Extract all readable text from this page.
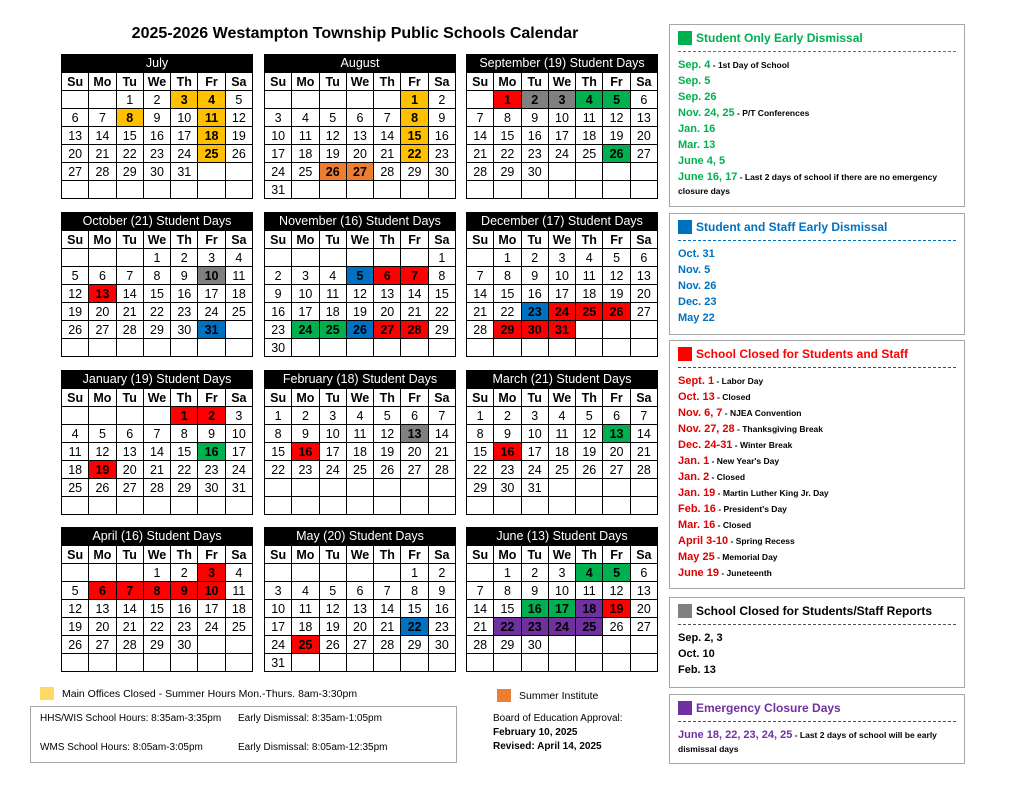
2025-2026 Westampton Township Public Schools Calendar
July
Su	Mo	Tu	We	Th	Fr	Sa
		1	2	3	4	5
6	7	8	9	10	11	12
13	14	15	16	17	18	19
20	21	22	23	24	25	26
27	28	29	30	31		

August
Su	Mo	Tu	We	Th	Fr	Sa
					1	2
3	4	5	6	7	8	9
10	11	12	13	14	15	16
17	18	19	20	21	22	23
24	25	26	27	28	29	30
31						
September (19) Student Days
Su	Mo	Tu	We	Th	Fr	Sa
	1	2	3	4	5	6
7	8	9	10	11	12	13
14	15	16	17	18	19	20
21	22	23	24	25	26	27
28	29	30				

October (21) Student Days
Su	Mo	Tu	We	Th	Fr	Sa
			1	2	3	4
5	6	7	8	9	10	11
12	13	14	15	16	17	18
19	20	21	22	23	24	25
26	27	28	29	30	31	

November (16) Student Days
Su	Mo	Tu	We	Th	Fr	Sa
						1
2	3	4	5	6	7	8
9	10	11	12	13	14	15
16	17	18	19	20	21	22
23	24	25	26	27	28	29
30						
December (17) Student Days
Su	Mo	Tu	We	Th	Fr	Sa
	1	2	3	4	5	6
7	8	9	10	11	12	13
14	15	16	17	18	19	20
21	22	23	24	25	26	27
28	29	30	31			

January (19) Student Days
Su	Mo	Tu	We	Th	Fr	Sa
				1	2	3
4	5	6	7	8	9	10
11	12	13	14	15	16	17
18	19	20	21	22	23	24
25	26	27	28	29	30	31

February (18) Student Days
Su	Mo	Tu	We	Th	Fr	Sa
1	2	3	4	5	6	7
8	9	10	11	12	13	14
15	16	17	18	19	20	21
22	23	24	25	26	27	28

March (21) Student Days
Su	Mo	Tu	We	Th	Fr	Sa
1	2	3	4	5	6	7
8	9	10	11	12	13	14
15	16	17	18	19	20	21
22	23	24	25	26	27	28
29	30	31				

April (16) Student Days
Su	Mo	Tu	We	Th	Fr	Sa
			1	2	3	4
5	6	7	8	9	10	11
12	13	14	15	16	17	18
19	20	21	22	23	24	25
26	27	28	29	30		

May (20) Student Days
Su	Mo	Tu	We	Th	Fr	Sa
					1	2
3	4	5	6	7	8	9
10	11	12	13	14	15	16
17	18	19	20	21	22	23
24	25	26	27	28	29	30
31						
June (13) Student Days
Su	Mo	Tu	We	Th	Fr	Sa
	1	2	3	4	5	6
7	8	9	10	11	12	13
14	15	16	17	18	19	20
21	22	23	24	25	26	27
28	29	30				

Student Only Early Dismissal
Sep. 4 - 1st Day of School
Sep. 5
Sep. 26
Nov. 24, 25 - P/T Conferences
Jan. 16
Mar. 13
June 4, 5
June 16, 17 - Last 2 days of school if there are no emergency closure days
Student and Staff Early Dismissal
Oct. 31
Nov. 5
Nov. 26
Dec. 23
May 22
School Closed for Students and Staff
Sept. 1 - Labor Day
Oct. 13 - Closed
Nov. 6, 7 - NJEA Convention
Nov. 27, 28 - Thanksgiving Break
Dec. 24-31 - Winter Break
Jan. 1 - New Year's Day
Jan. 2 - Closed
Jan. 19 - Martin Luther King Jr. Day
Feb. 16 - President's Day
Mar. 16 - Closed
April 3-10 - Spring Recess
May 25 - Memorial Day
June 19 - Juneteenth
School Closed for Students/Staff Reports
Sep. 2, 3
Oct. 10
Feb. 13
Emergency Closure Days
June 18, 22, 23, 24, 25 - Last 2 days of school will be early dismissal days
Main Offices Closed - Summer Hours Mon.-Thurs. 8am-3:30pm	Summer Institute
HHS/WIS School Hours: 8:35am-3:35pm Early Dismissal: 8:35am-1:05pm
WMS School Hours: 8:05am-3:05pm	Early Dismissal: 8:05am-12:35pm
Board of Education Approval:
February 10, 2025
Revised: April 14, 2025
